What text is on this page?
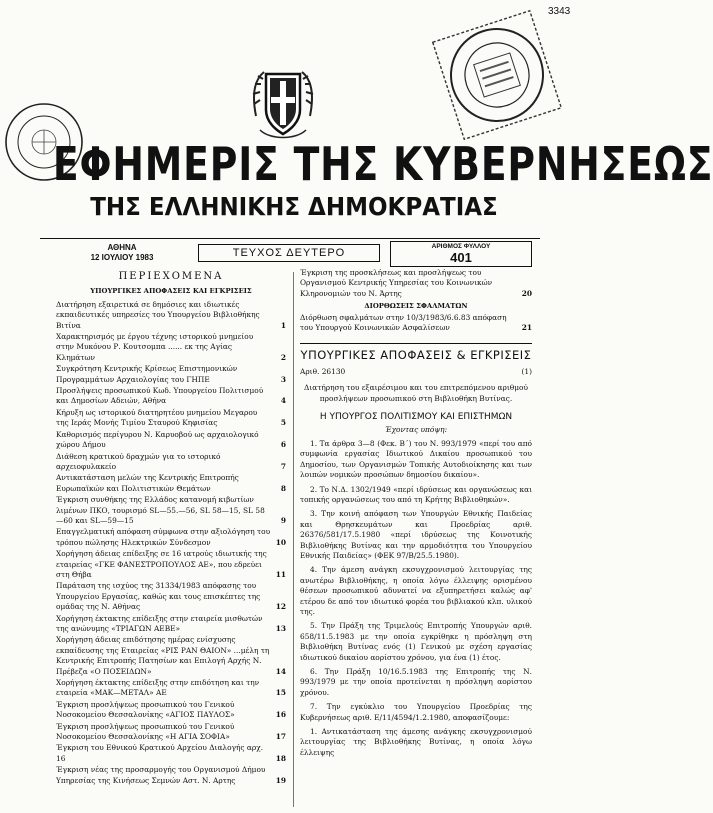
3343
ΕΦΗΜΕΡΙΣ ΤΗΣ ΚΥΒΕΡΝΗΣΕΩΣ
ΤΗΣ ΕΛΛΗΝΙΚΗΣ ΔΗΜΟΚΡΑΤΙΑΣ
ΑΘΗΝΑ
12 ΙΟΥΛΙΟΥ 1983	ΤΕΥΧΟΣ ΔΕΥΤΕΡΟ
ΑΡΙΘΜΟΣ ΦΥΛΛΟΥ
401
ΠΕΡΙΕΧΟΜΕΝΑ
ΥΠΟΥΡΓΙΚΕΣ ΑΠΟΦΑΣΕΙΣ ΚΑΙ ΕΓΚΡΙΣΕΙΣ
Διατήρηση εξαιρετικά σε δημόσιες και ιδιωτικές εκπαιδευτικές υπηρεσίες του Υπουργείου Βιβλιοθήκης Βιτίνα	1
Χαρακτηρισμός με έργου τέχνης ιστορικού μνημείου στην Μυκόνου Ρ. Κουτσομπα ...... εκ της Αγίας Κλημάτων	2
Συγκρότηση Κεντρικής Κρίσεως Επιστημονικών Προγραμμάτων Αρχαιολογίας του ΓΗΠΕ	3
Προσλήψεις προσωπικού Κωδ. Υπουργείου Πολιτισμού και Δημοσίων Αδειών, Αθήνα	4
Κήρυξη ως ιστορικού διατηρητέου μνημείου Μεγαρου της Ιεράς Μονής Τιμίου Σταυρού Κηφισίας	5
Καθορισμός περίγυρου Ν. Καρυοβού ως αρχαιολογικό χώρου Δήμου	6
Διάθεση κρατικού δραχμών για το ιστορικό αρχειοφυλακείο	7
Αντικατάσταση μελών της Κεντρικής Επιτροπής Ευρωπαϊκών και Πολιτιστικών Θεμάτων	8
Έγκριση συνθήκης της Ελλάδος κατανομή κιβωτίων λιμένων ΠΚΟ, τουρισμό SL—55.—56, SL 58—15, SL 58—60 και SL—59—15	9
Επαγγελματική απόφαση σύμφωνα στην αξιολόγηση του τρόπου πώλησης Ηλεκτρικών Σύνδεσμον	10
Χορήγηση άδειας επίδειξης σε 16 ιατρούς ιδιωτικής της εταιρείας «ΓΚΕ ΦΑΝΕΣΤΡΟΠΟΥΛΟΣ ΑΕ», που εδρεύει στη Θήβα	11
Παράταση της ισχύος της 31334/1983 απόφασης του Υπουργείου Εργασίας, καθώς και τους επισκέπτες της ομάδας της Ν. Αθήνας	12
Χορήγηση έκτακτης επίδειξης στην εταιρεία μισθωτών της ανώνυμης «ΤΡΙΑΓΩΝ ΑΕΒΕ»	13
Χορήγηση άδειας επιδότησης ημέρας ενίσχυσης εκπαίδευσης της Εταιρείας «ΡΙΣ ΡΑΝ ΘΑΙΟΝ» ...μέλη τη Κεντρικής Επιτροπής Πατησίων και Επιλογή Αρχής Ν. Πρέβεζα «Ο ΠΟΣΕΙΔΩΝ»	14
Χορήγηση έκτακτης επίδειξης στην επιδότηση και την εταιρεία «ΜΑΚ—ΜΕΤΑΛ» ΑΕ	15
Έγκριση προσλήψεως προσωπικού του Γενικού Νοσοκομείου Θεσσαλονίκης «ΑΓΙΟΣ ΠΑΥΛΟΣ»	16
Έγκριση προσλήψεως προσωπικού του Γενικού Νοσοκομείου Θεσσαλονίκης «Η ΑΓΙΑ ΣΟΦΙΑ»	17
Έγκριση του Εθνικού Κρατικού Αρχείου Διαλογής αρχ. 16	18
Έγκριση νέας της προσαρμογής του Οργανισμού Δήμου Υπηρεσίας της Κινήσεως Σεμνών Αστ. Ν. Αρτης	19
Έγκριση της προσκλήσεως και προσλήψεως του Οργανισμού Κεντρικής Υπηρεσίας του Κοινωνικών Κληρονομιών του Ν. Άρτης	20
ΔΙΟΡΘΩΣΕΙΣ ΣΦΑΛΜΑΤΩΝ
Διόρθωση σφαλμάτων στην 10/3/1983/6.6.83 απόφαση του Υπουργού Κοινωνικών Ασφαλίσεων	21
ΥΠΟΥΡΓΙΚΕΣ ΑΠΟΦΑΣΕΙΣ & ΕΓΚΡΙΣΕΙΣ
Αριθ. 26130	(1)
Διατήρηση του εξαιρέσιμου και του επιτρεπόμενου αριθμού προσλήψεων προσωπικού στη Βιβλιοθήκη Βυτίνας.
Η ΥΠΟΥΡΓΟΣ ΠΟΛΙΤΙΣΜΟΥ ΚΑΙ ΕΠΙΣΤΗΜΩΝ
Έχοντας υπόψη:

1. Τα άρθρα 3—8 (Φεκ. Β΄) του Ν. 993/1979 «περί του από συμφωνία εργασίας Ιδιωτικού Δικαίου προσωπικού του Δημοσίου, των Οργανισμών Τοπικής Αυτοδιοίκησης και των λοιπών νομικών προσώπων δημοσίου δικαίου».

2. Το Ν.Δ. 1302/1949 «περί ιδρύσεως και οργανώσεως και τοπικής οργανώσεως του από τη Κρήτης Βιβλιοθηκών».

3. Την κοινή απόφαση των Υπουργών Εθνικής Παιδείας και Θρησκευμάτων και Προεδρίας αριθ. 26376/581/17.5.1980 «περί ιδρύσεως της Κοινοτικής Βιβλιοθήκης Βυτίνας και την αρμοδιότητα του Υπουργείου Εθνικής Παιδείας» (ΦΕΚ 97/Β/25.5.1980).

4. Την άμεση ανάγκη εκσυγχρονισμού λειτουργίας της ανωτέρω Βιβλιοθήκης, η οποία λόγω έλλειψης ορισμένου θέσεων προσωπικού αδυνατεί να εξυπηρετήσει καλώς αφ' ετέρου δε από τον ιδιωτικό φορέα του βιβλιακού κλπ. υλικού της.

5. Την Πράξη της Τριμελούς Επιτροπής Υπουργών αριθ. 658/11.5.1983 με την οποία εγκρίθηκε η πρόσληψη στη Βιβλιοθήκη Βυτίνας ενός (1) Γενικού με σχέση εργασίας ιδιωτικού δικαίου αορίστου χρόνου, για ένα (1) έτος.

6. Την Πράξη 10/16.5.1983 της Επιτροπής της Ν. 993/1979 με την οποία προτείνεται η πρόσληψη αορίστου χρόνου.

7. Την εγκύκλιο του Υπουργείου Προεδρίας της Κυβερνήσεως αριθ. Ε/11/4594/1.2.1980, αποφασίζουμε:

1. Αντικατάσταση της άμεσης ανάγκης εκσυγχρονισμού λειτουργίας της Βιβλιοθήκης Βυτίνας, η οποία λόγω έλλειψης
